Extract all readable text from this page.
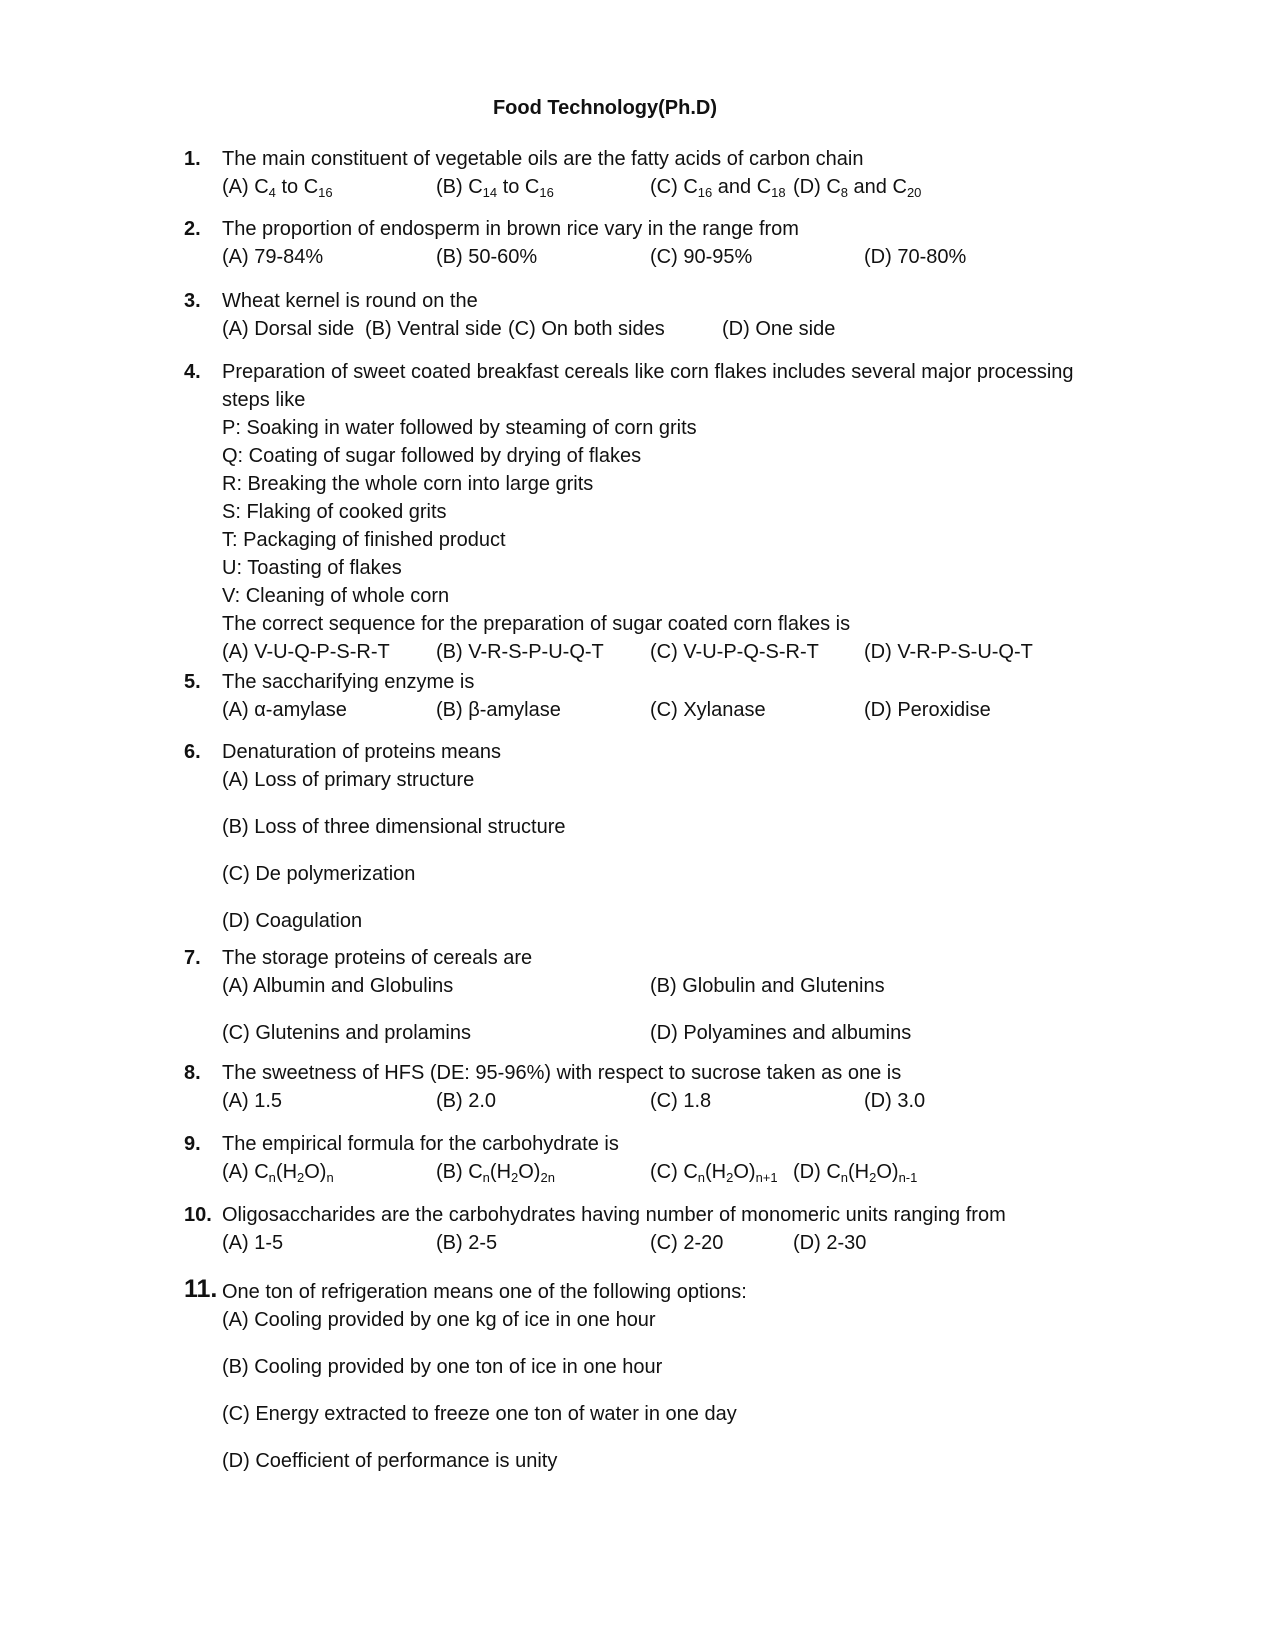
Food Technology(Ph.D)
1.	The main constituent of vegetable oils are the fatty acids of carbon chain
(A) $C_4$ to $C_{16}$	(B) $C_{14}$ to $C_{16}$	(C) $C_{16}$ and $C_{18}$ (D) $C_8$ and $C_{20}$
2.	The proportion of endosperm in brown rice vary in the range from
(A) 79-84%	(B) 50-60%	(C) 90-95%	(D) 70-80%
3.	Wheat kernel is round on the
(A) Dorsal side (B) Ventral side (C) On both sides	(D) One side
4.	Preparation of sweet coated breakfast cereals like corn flakes includes several major processing
steps like
P: Soaking in water followed by steaming of corn grits
Q: Coating of sugar followed by drying of flakes
R: Breaking the whole corn into large grits
S: Flaking of cooked grits
T: Packaging of finished product
U: Toasting of flakes
V: Cleaning of whole corn
The correct sequence for the preparation of sugar coated corn flakes is
(A) V-U-Q-P-S-R-T (B) V-R-S-P-U-Q-T (C) V-U-P-Q-S-R-T (D) V-R-P-S-U-Q-T
5.	The saccharifying enzyme is
(A) α-amylase	(B) β-amylase	(C) Xylanase	(D) Peroxidise
6.	Denaturation of proteins means
(A) Loss of primary structure
(B) Loss of three dimensional structure
(C) De polymerization
(D) Coagulation
7.	The storage proteins of cereals are
(A) Albumin and Globulins	(B) Globulin and Glutenins
(C) Glutenins and prolamins	(D) Polyamines and albumins
8.	The sweetness of HFS (DE: 95-96%) with respect to sucrose taken as one is
(A) 1.5	(B) 2.0	(C) 1.8	(D) 3.0
9.	The empirical formula for the carbohydrate is
(A) $C_n(H_2O)_n$	(B) $C_n(H_2O)_{2n}$	(C) $C_n(H_2O)_{n+1}$ (D) $C_n(H_2O)_{n-1}$
10. Oligosaccharides are the carbohydrates having number of monomeric units ranging from
(A) 1-5	(B) 2-5	(C) 2-20	(D) 2-30
11. One ton of refrigeration means one of the following options:
(A) Cooling provided by one kg of ice in one hour
(B) Cooling provided by one ton of ice in one hour
(C) Energy extracted to freeze one ton of water in one day
(D) Coefficient of performance is unity
